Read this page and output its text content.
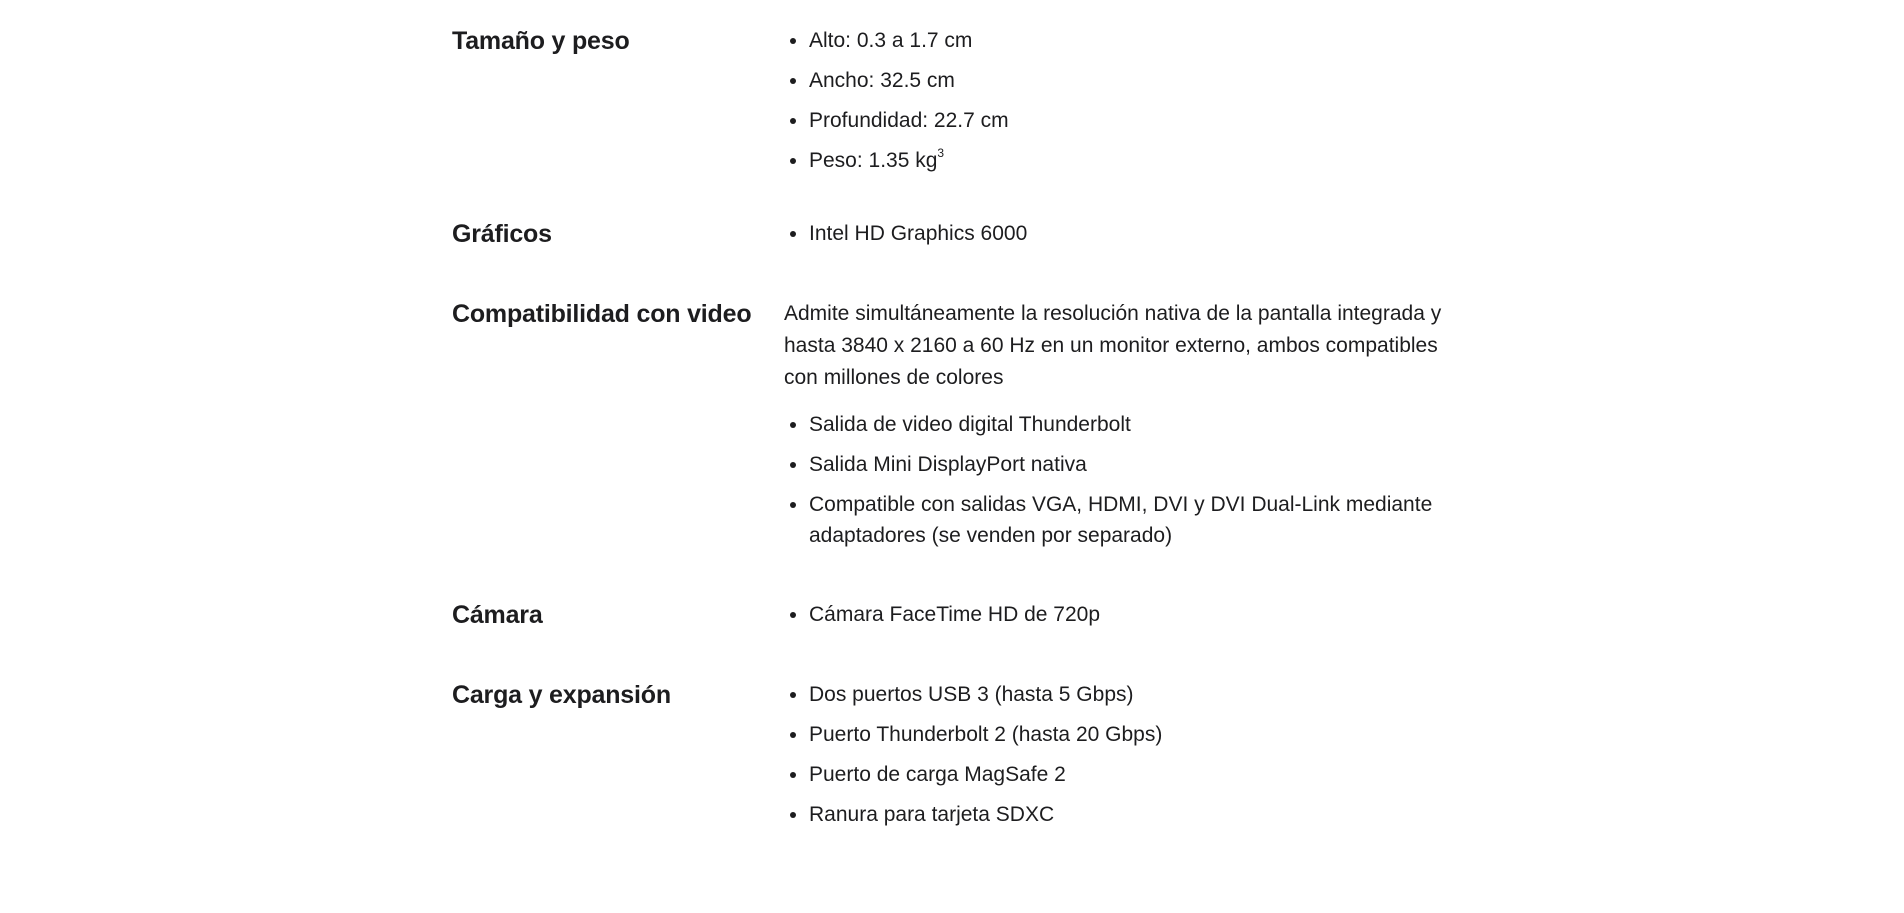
Tamaño y peso	• Alto: 0.3 a 1.7 cm
• Ancho: 32.5 cm
• Profundidad: 22.7 cm
• Peso: 1.35 $kg^3$
Gráficos	• Intel HD Graphics 6000
Compatibilidad con video	Admite simultáneamente la resolución nativa de la pantalla integrada y hasta 3840 x 2160 a 60 Hz en un monitor externo, ambos compatibles con millones de colores

• Salida de video digital Thunderbolt
• Salida Mini DisplayPort nativa
• Compatible con salidas VGA, HDMI, DVI y DVI Dual-Link mediante adaptadores (se venden por separado)
Cámara	• Cámara FaceTime HD de 720p
Carga y expansión	• Dos puertos USB 3 (hasta 5 Gbps)
• Puerto Thunderbolt 2 (hasta 20 Gbps)
• Puerto de carga MagSafe 2
• Ranura para tarjeta SDXC
